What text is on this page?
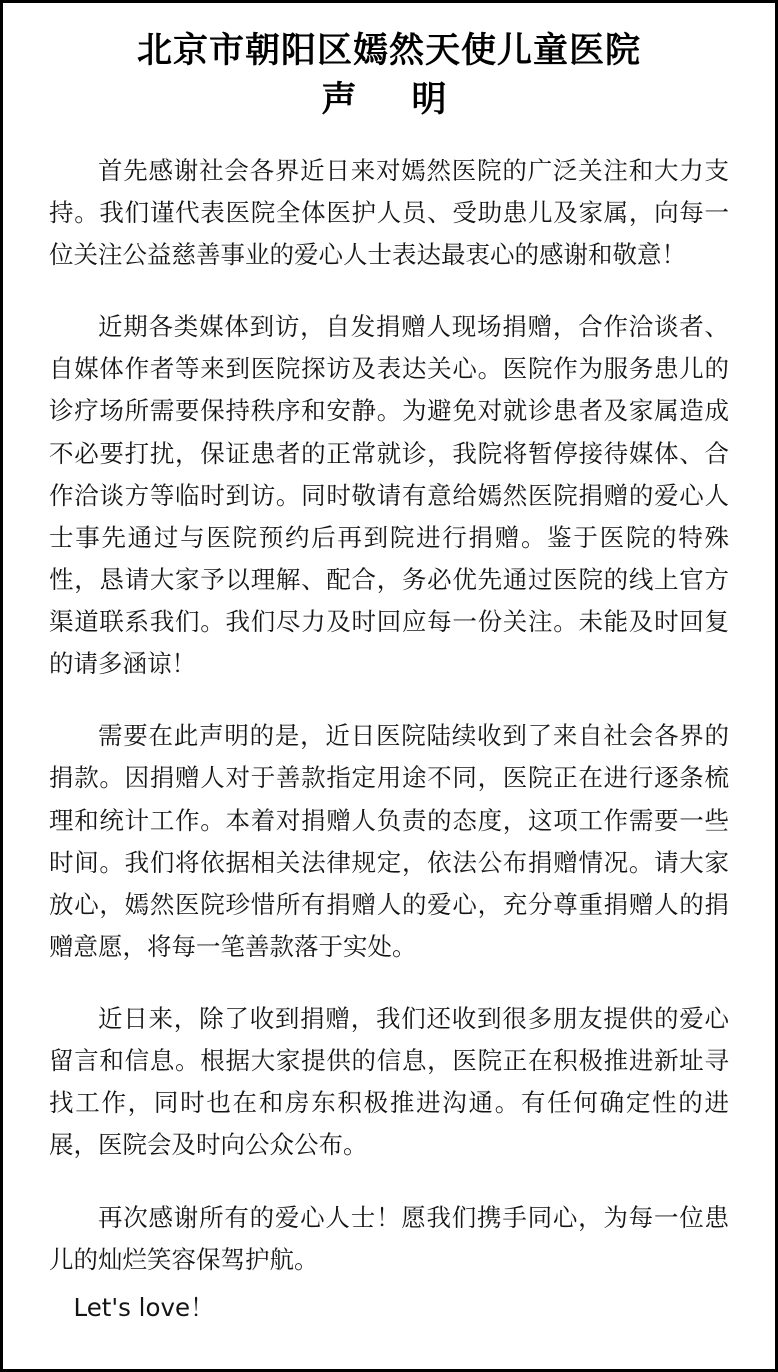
北京市朝阳区嫣然天使儿童医院
声　明

首先感谢社会各界近日来对嫣然医院的广泛关注和大力支持。我们谨代表医院全体医护人员、受助患儿及家属，向每一位关注公益慈善事业的爱心人士表达最衷心的感谢和敬意！

近期各类媒体到访，自发捐赠人现场捐赠，合作洽谈者、自媒体作者等来到医院探访及表达关心。医院作为服务患儿的诊疗场所需要保持秩序和安静。为避免对就诊患者及家属造成不必要打扰，保证患者的正常就诊，我院将暂停接待媒体、合作洽谈方等临时到访。同时敬请有意给嫣然医院捐赠的爱心人士事先通过与医院预约后再到院进行捐赠。鉴于医院的特殊性，恳请大家予以理解、配合，务必优先通过医院的线上官方渠道联系我们。我们尽力及时回应每一份关注。未能及时回复的请多涵谅！

需要在此声明的是，近日医院陆续收到了来自社会各界的捐款。因捐赠人对于善款指定用途不同，医院正在进行逐条梳理和统计工作。本着对捐赠人负责的态度，这项工作需要一些时间。我们将依据相关法律规定，依法公布捐赠情况。请大家放心，嫣然医院珍惜所有捐赠人的爱心，充分尊重捐赠人的捐赠意愿，将每一笔善款落于实处。

近日来，除了收到捐赠，我们还收到很多朋友提供的爱心留言和信息。根据大家提供的信息，医院正在积极推进新址寻找工作，同时也在和房东积极推进沟通。有任何确定性的进展，医院会及时向公众公布。

再次感谢所有的爱心人士！愿我们携手同心，为每一位患儿的灿烂笑容保驾护航。

Let's love！
